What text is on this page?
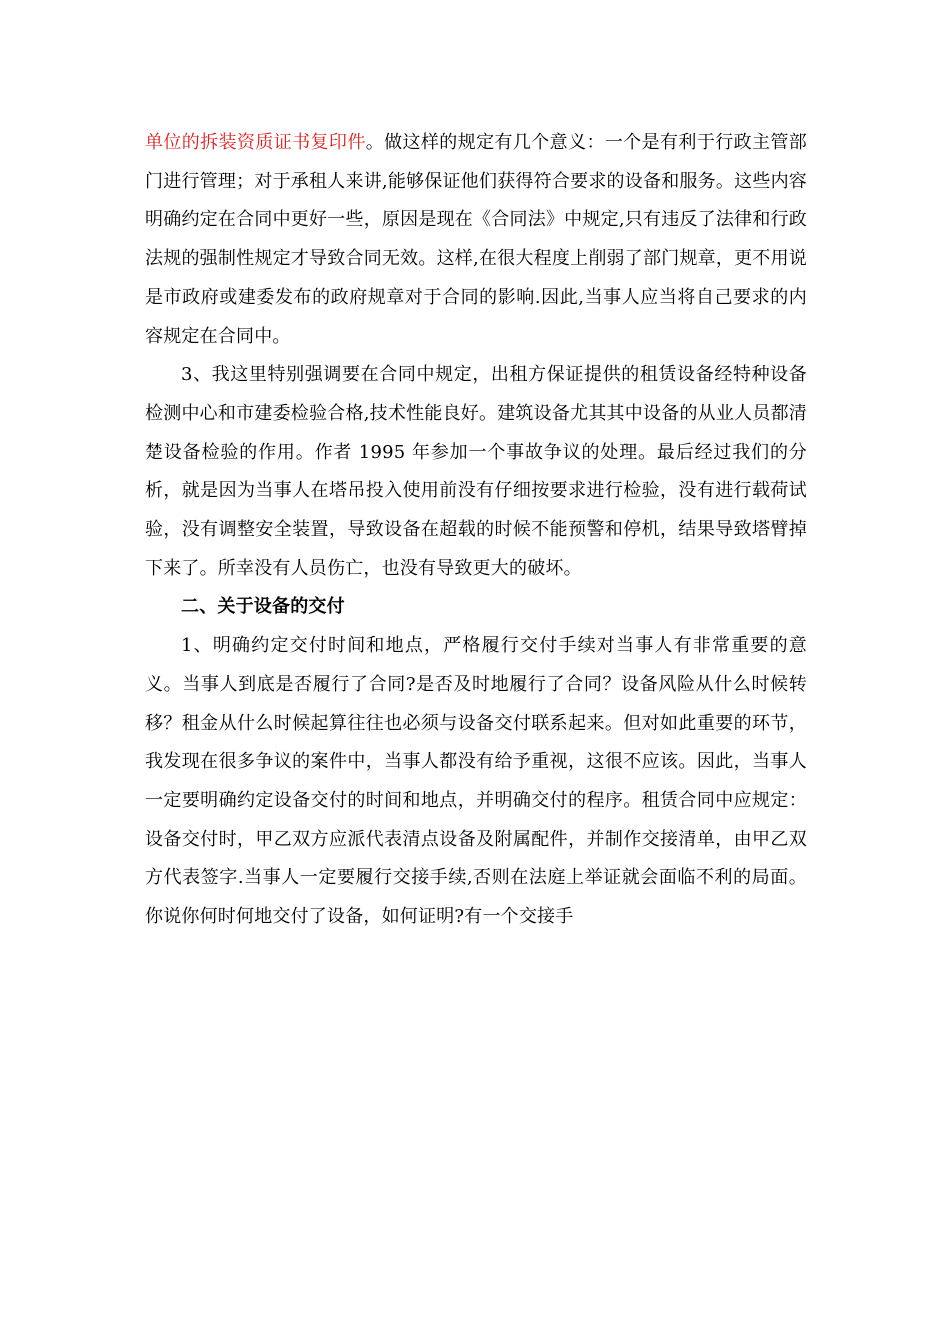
单位的拆装资质证书复印件。做这样的规定有几个意义：一个是有利于行政主管部门进行管理；对于承租人来讲,能够保证他们获得符合要求的设备和服务。这些内容明确约定在合同中更好一些，原因是现在《合同法》中规定,只有违反了法律和行政法规的强制性规定才导致合同无效。这样,在很大程度上削弱了部门规章，更不用说是市政府或建委发布的政府规章对于合同的影响.因此,当事人应当将自己要求的内容规定在合同中。

3、我这里特别强调要在合同中规定，出租方保证提供的租赁设备经特种设备检测中心和市建委检验合格,技术性能良好。建筑设备尤其其中设备的从业人员都清楚设备检验的作用。作者 1995 年参加一个事故争议的处理。最后经过我们的分析，就是因为当事人在塔吊投入使用前没有仔细按要求进行检验，没有进行载荷试验，没有调整安全装置，导致设备在超载的时候不能预警和停机，结果导致塔臂掉下来了。所幸没有人员伤亡，也没有导致更大的破坏。

二、关于设备的交付

1、明确约定交付时间和地点，严格履行交付手续对当事人有非常重要的意义。当事人到底是否履行了合同?是否及时地履行了合同？设备风险从什么时候转移？租金从什么时候起算往往也必须与设备交付联系起来。但对如此重要的环节，我发现在很多争议的案件中，当事人都没有给予重视，这很不应该。因此，当事人一定要明确约定设备交付的时间和地点，并明确交付的程序。租赁合同中应规定：设备交付时，甲乙双方应派代表清点设备及附属配件，并制作交接清单，由甲乙双方代表签字.当事人一定要履行交接手续,否则在法庭上举证就会面临不利的局面。你说你何时何地交付了设备，如何证明?有一个交接手
